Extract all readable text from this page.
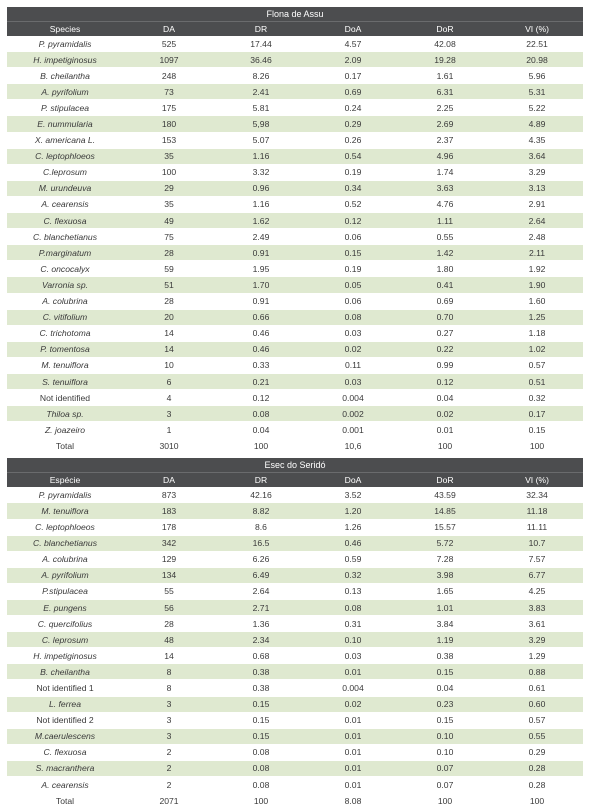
Flona de Assu					
Species	DA	DR	DoA	DoR	VI (%)
P. pyramidalis	525	17.44	4.57	42.08	22.51
H. impetiginosus	1097	36.46	2.09	19.28	20.98
B. cheilantha	248	8.26	0.17	1.61	5.96
A. pyrifolium	73	2.41	0.69	6.31	5.31
P. stipulacea	175	5.81	0.24	2.25	5.22
E. nummularia	180	5,98	0.29	2.69	4.89
X. americana L.	153	5.07	0.26	2.37	4.35
C. leptophloeos	35	1.16	0.54	4.96	3.64
C.leprosum	100	3.32	0.19	1.74	3.29
M. urundeuva	29	0.96	0.34	3.63	3.13
A. cearensis	35	1.16	0.52	4.76	2.91
C. flexuosa	49	1.62	0.12	1.11	2.64
C. blanchetianus	75	2.49	0.06	0.55	2.48
P.marginatum	28	0.91	0.15	1.42	2.11
C. oncocalyx	59	1.95	0.19	1.80	1.92
Varronia sp.	51	1.70	0.05	0.41	1.90
A. colubrina	28	0.91	0.06	0.69	1.60
C. vitifolium	20	0.66	0.08	0.70	1.25
C. trichotoma	14	0.46	0.03	0.27	1.18
P. tomentosa	14	0.46	0.02	0.22	1.02
M. tenuiflora	10	0.33	0.11	0.99	0.57
S. tenuiflora	6	0.21	0.03	0.12	0.51
Not identified	4	0.12	0.004	0.04	0.32
Thiloa sp.	3	0.08	0.002	0.02	0.17
Z. joazeiro	1	0.04	0.001	0.01	0.15
Total	3010	100	10,6	100	100
Esec do Seridó					
Espécie	DA	DR	DoA	DoR	VI (%)
P. pyramidalis	873	42.16	3.52	43.59	32.34
M. tenuiflora	183	8.82	1.20	14.85	11.18
C. leptophloeos	178	8.6	1.26	15.57	11.11
C. blanchetianus	342	16.5	0.46	5.72	10.7
A. colubrina	129	6.26	0.59	7.28	7.57
A. pyrifolium	134	6.49	0.32	3.98	6.77
P.stipulacea	55	2.64	0.13	1.65	4.25
E. pungens	56	2.71	0.08	1.01	3.83
C. quercifolius	28	1.36	0.31	3.84	3.61
C. leprosum	48	2.34	0.10	1.19	3.29
H. impetiginosus	14	0.68	0.03	0.38	1.29
B. cheilantha	8	0.38	0.01	0.15	0.88
Not identified 1	8	0.38	0.004	0.04	0.61
L. ferrea	3	0.15	0.02	0.23	0.60
Not identified 2	3	0.15	0.01	0.15	0.57
M.caerulescens	3	0.15	0.01	0.10	0.55
C. flexuosa	2	0.08	0.01	0.10	0.29
S. macranthera	2	0.08	0.01	0.07	0.28
A. cearensis	2	0.08	0.01	0.07	0.28
Total	2071	100	8.08	100	100
